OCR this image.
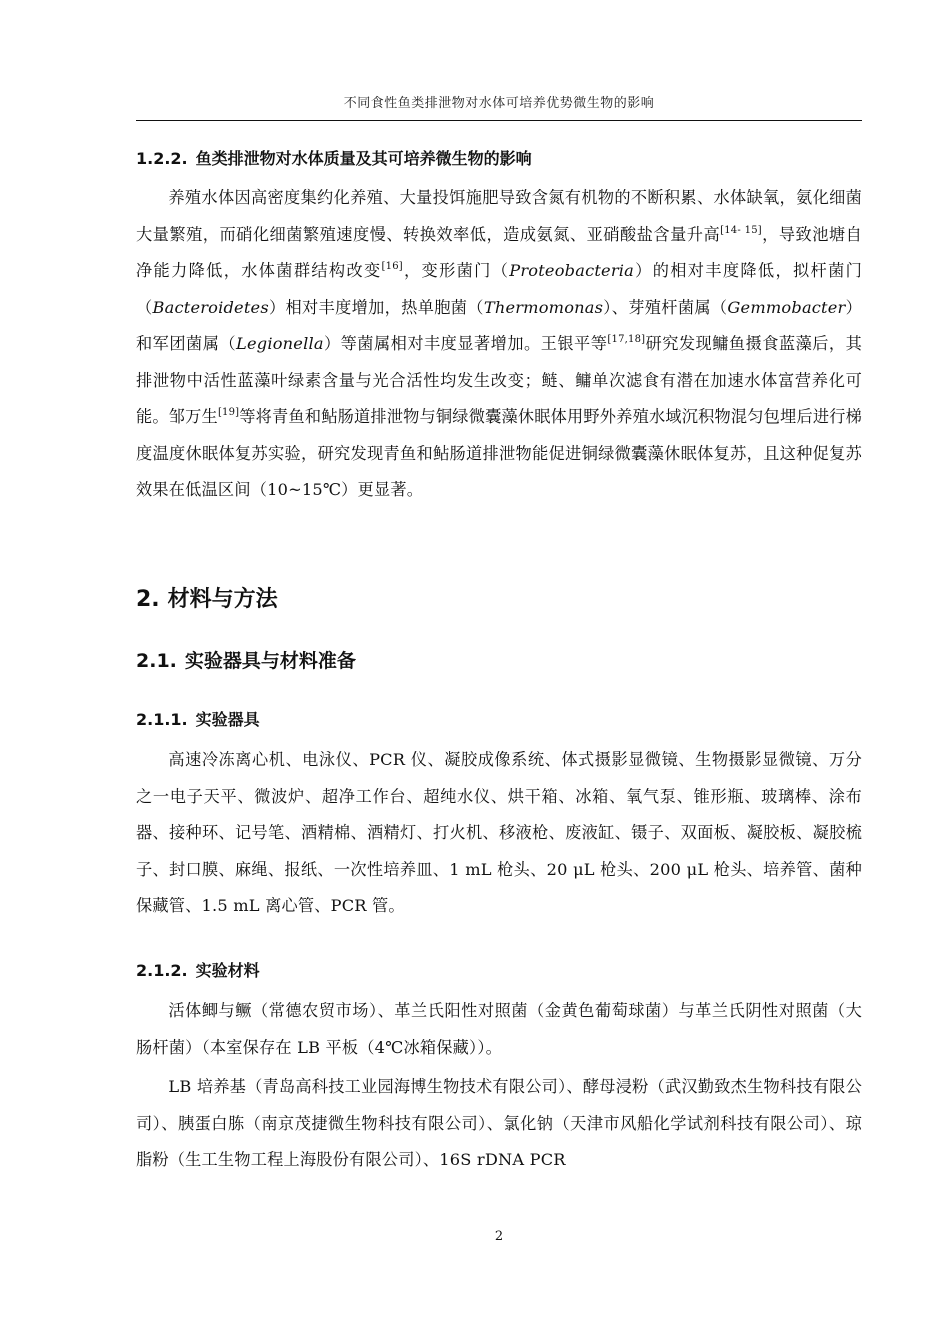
不同食性鱼类排泄物对水体可培养优势微生物的影响
1.2.2. 鱼类排泄物对水体质量及其可培养微生物的影响

养殖水体因高密度集约化养殖、大量投饵施肥导致含氮有机物的不断积累、水体缺氧，氨化细菌大量繁殖，而硝化细菌繁殖速度慢、转换效率低，造成氨氮、亚硝酸盐含量升高[14- 15]，导致池塘自净能力降低，水体菌群结构改变[16]，变形菌门（Proteobacteria）的相对丰度降低，拟杆菌门（Bacteroidetes）相对丰度增加，热单胞菌（Thermomonas）、芽殖杆菌属（Gemmobacter）和军团菌属（Legionella）等菌属相对丰度显著增加。王银平等[17,18]研究发现鳙鱼摄食蓝藻后，其排泄物中活性蓝藻叶绿素含量与光合活性均发生改变；鲢、鳙单次滤食有潜在加速水体富营养化可能。邹万生[19]等将青鱼和鲇肠道排泄物与铜绿微囊藻休眠体用野外养殖水域沉积物混匀包埋后进行梯度温度休眠体复苏实验，研究发现青鱼和鲇肠道排泄物能促进铜绿微囊藻休眠体复苏，且这种促复苏效果在低温区间（10~15℃）更显著。

2. 材料与方法
2.1. 实验器具与材料准备
2.1.1. 实验器具

高速冷冻离心机、电泳仪、PCR 仪、凝胶成像系统、体式摄影显微镜、生物摄影显微镜、万分之一电子天平、微波炉、超净工作台、超纯水仪、烘干箱、冰箱、氧气泵、锥形瓶、玻璃棒、涂布器、接种环、记号笔、酒精棉、酒精灯、打火机、移液枪、废液缸、镊子、双面板、凝胶板、凝胶梳子、封口膜、麻绳、报纸、一次性培养皿、1 mL 枪头、20 μL 枪头、200 μL 枪头、培养管、菌种保藏管、1.5 mL 离心管、PCR 管。

2.1.2. 实验材料

活体鲫与鳜（常德农贸市场）、革兰氏阳性对照菌（金黄色葡萄球菌）与革兰氏阴性对照菌（大肠杆菌）（本室保存在 LB 平板（4℃冰箱保藏））。

LB 培养基（青岛高科技工业园海博生物技术有限公司）、酵母浸粉（武汉勤致杰生物科技有限公司）、胰蛋白胨（南京茂捷微生物科技有限公司）、氯化钠（天津市风船化学试剂科技有限公司）、琼脂粉（生工生物工程上海股份有限公司）、16S rDNA PCR

2
